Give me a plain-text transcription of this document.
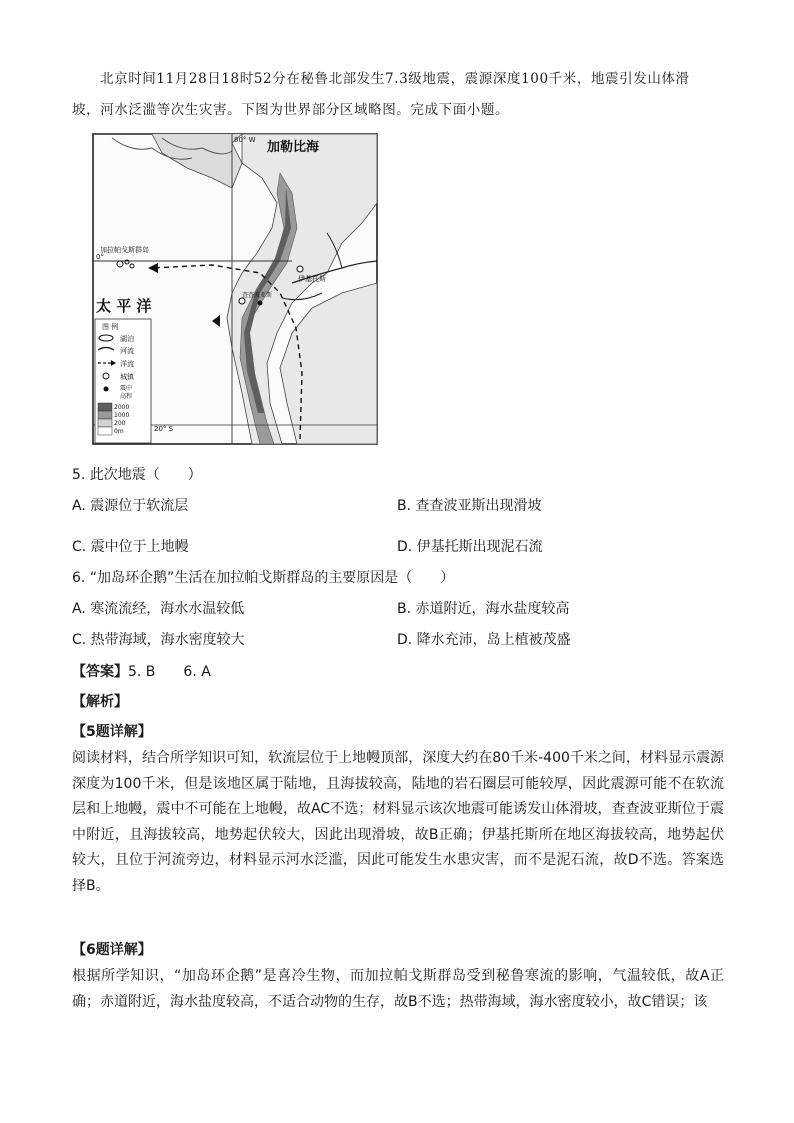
北京时间11月28日18时52分在秘鲁北部发生7.3级地震，震源深度100千米，地震引发山体滑
坡，河水泛滥等次生灾害。下图为世界部分区域略图。完成下面小题。
加勒比海
80° W
加拉帕戈斯群岛
0°
伊基托斯
太 平 洋
查查波亚斯
20° S
图 例
湖泊
河流
洋流
城镇
震中
高程
2000
1000
200
0m
5. 此次地震（　　）
A. 震源位于软流层	B. 查查波亚斯出现滑坡
C. 震中位于上地幔	D. 伊基托斯出现泥石流
6. “加岛环企鹅”生活在加拉帕戈斯群岛的主要原因是（　　）
A. 寒流流经，海水水温较低	B. 赤道附近，海水盐度较高
C. 热带海域，海水密度较大	D. 降水充沛，岛上植被茂盛
【答案】5. B　　6. A
【解析】
【5题详解】
阅读材料，结合所学知识可知，软流层位于上地幔顶部，深度大约在80千米-400千米之间，材料显示震源深度为100千米，但是该地区属于陆地，且海拔较高，陆地的岩石圈层可能较厚，因此震源可能不在软流层和上地幔，震中不可能在上地幔，故AC不选；材料显示该次地震可能诱发山体滑坡，查查波亚斯位于震中附近，且海拔较高，地势起伏较大，因此出现滑坡，故B正确；伊基托斯所在地区海拔较高，地势起伏较大，且位于河流旁边，材料显示河水泛滥，因此可能发生水患灾害，而不是泥石流，故D不选。答案选择B。
【6题详解】
根据所学知识，“加岛环企鹅”是喜冷生物，而加拉帕戈斯群岛受到秘鲁寒流的影响，气温较低，故A正确；赤道附近，海水盐度较高，不适合动物的生存，故B不选；热带海域，海水密度较小，故C错误；该
